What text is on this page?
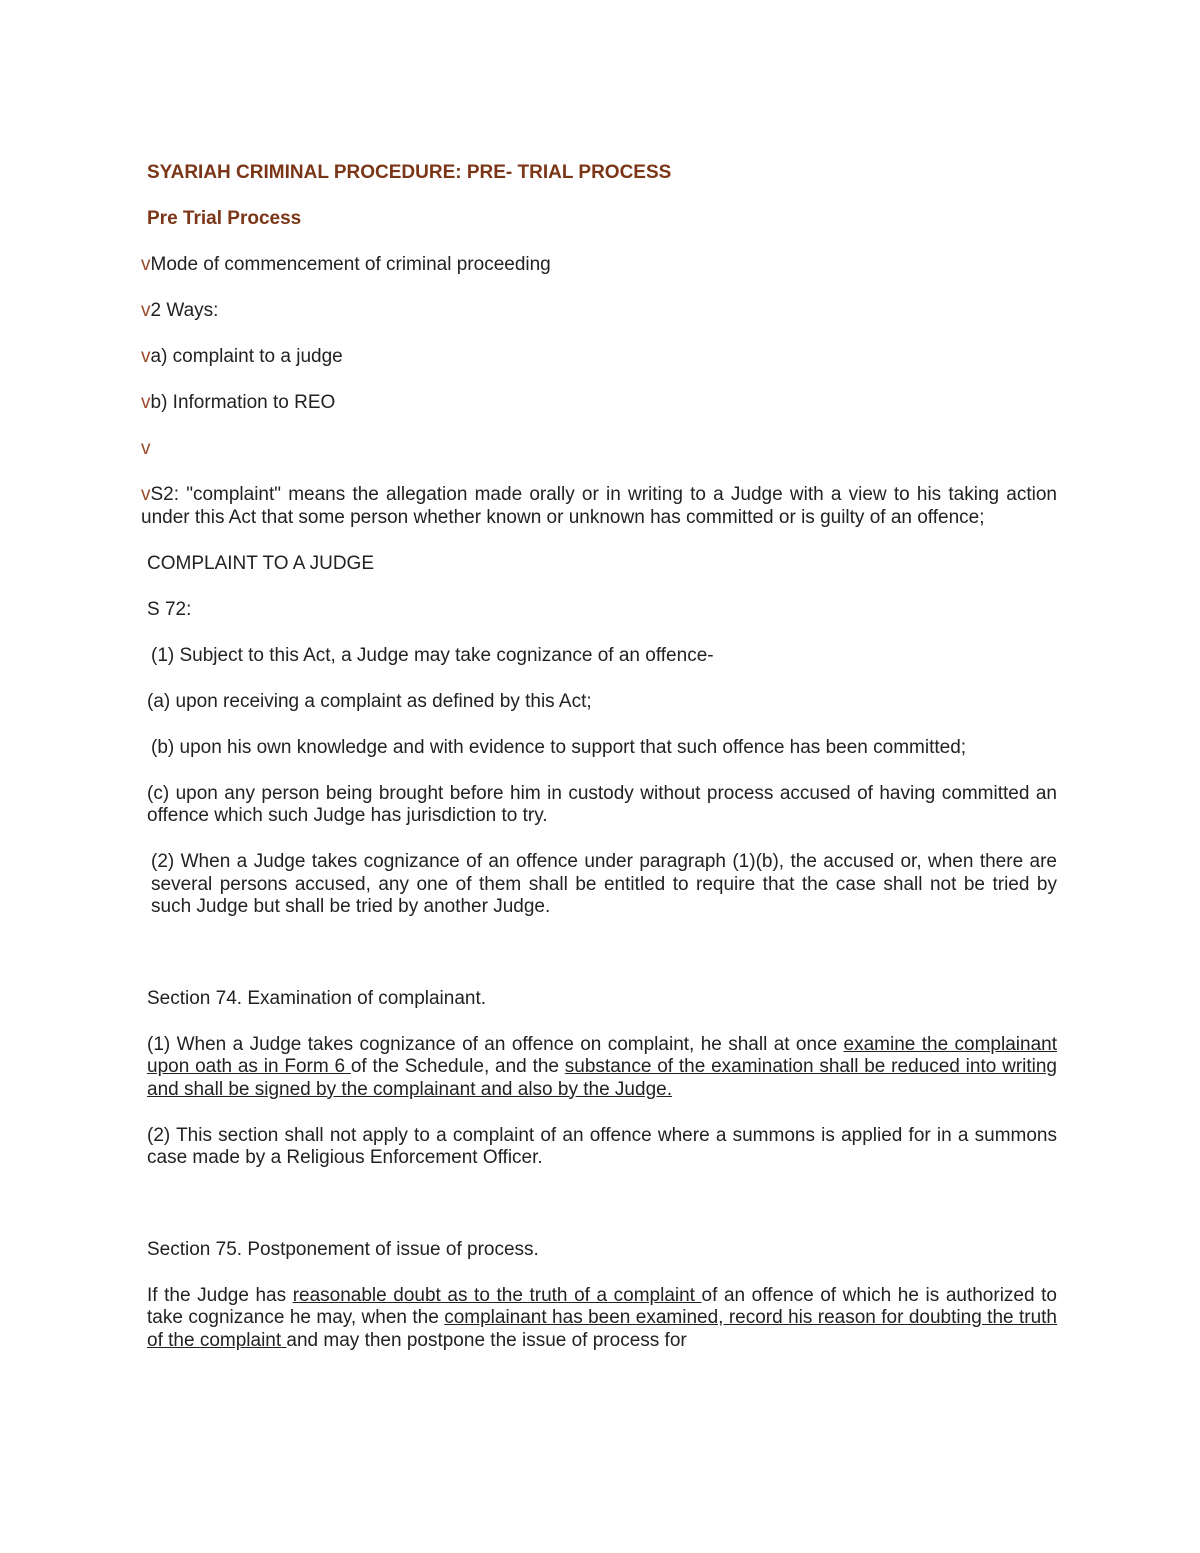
SYARIAH CRIMINAL PROCEDURE: PRE- TRIAL PROCESS

Pre Trial Process

vMode of commencement of criminal proceeding

v2 Ways:

va) complaint to a judge

vb) Information to REO

v

vS2: "complaint" means the allegation made orally or in writing to a Judge with a view to his taking action under this Act that some person whether known or unknown has committed or is guilty of an offence;

COMPLAINT TO A JUDGE

S 72:

(1) Subject to this Act, a Judge may take cognizance of an offence-

(a) upon receiving a complaint as defined by this Act;

(b) upon his own knowledge and with evidence to support that such offence has been committed;

(c) upon any person being brought before him in custody without process accused of having committed an offence which such Judge has jurisdiction to try.

(2) When a Judge takes cognizance of an offence under paragraph (1)(b), the accused or, when there are several persons accused, any one of them shall be entitled to require that the case shall not be tried by such Judge but shall be tried by another Judge.

Section 74. Examination of complainant.

(1) When a Judge takes cognizance of an offence on complaint, he shall at once examine the complainant upon oath as in Form 6 of the Schedule, and the substance of the examination shall be reduced into writing and shall be signed by the complainant and also by the Judge.

(2) This section shall not apply to a complaint of an offence where a summons is applied for in a summons case made by a Religious Enforcement Officer.

Section 75. Postponement of issue of process.

If the Judge has reasonable doubt as to the truth of a complaint of an offence of which he is authorized to take cognizance he may, when the complainant has been examined, record his reason for doubting the truth of the complaint and may then postpone the issue of process for
